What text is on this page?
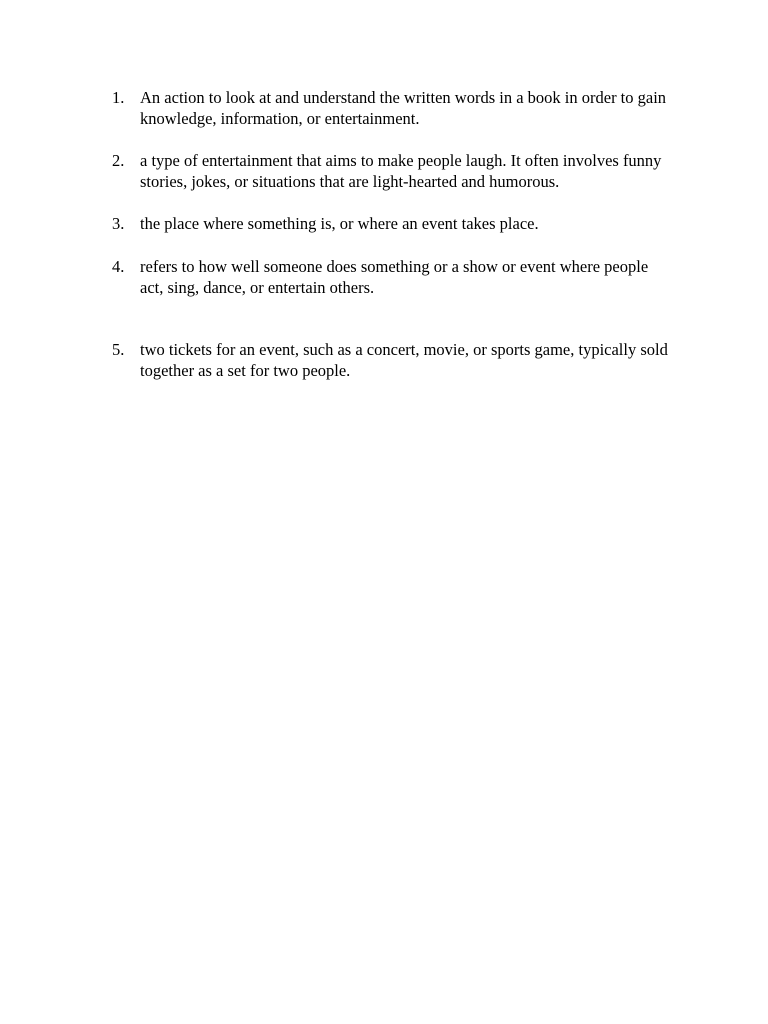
1. An action to look at and understand the written words in a book in order to gain knowledge, information, or entertainment.
2. a type of entertainment that aims to make people laugh. It often involves funny stories, jokes, or situations that are light-hearted and humorous.
3. the place where something is, or where an event takes place.
4. refers to how well someone does something or a show or event where people act, sing, dance, or entertain others.
5. two tickets for an event, such as a concert, movie, or sports game, typically sold together as a set for two people.
